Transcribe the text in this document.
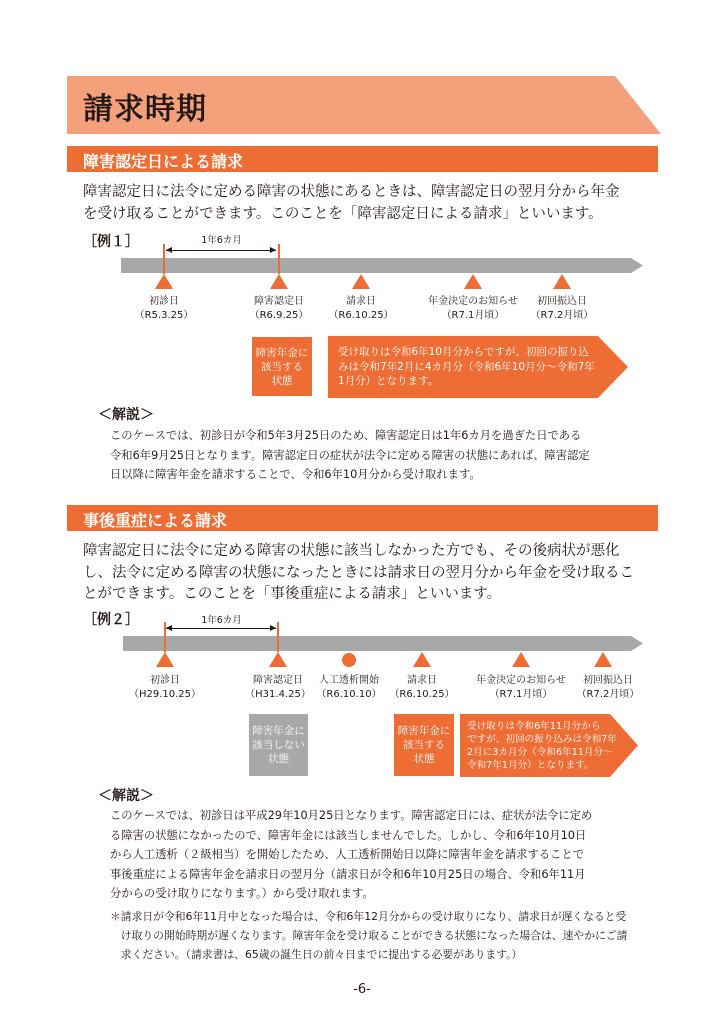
請求時期
障害認定日による請求
障害認定日に法令に定める障害の状態にあるときは、障害認定日の翌月分から年金
を受け取ることができます。このことを「障害認定日による請求」といいます。
［例１］	1年6カ月
初診日
（R5.3.25）
障害認定日
（R6.9.25）
請求日
（R6.10.25）
年金決定のお知らせ
（R7.1月頃）
初回振込日
（R7.2月頃）
障害年金に
該当する
状態
受け取りは令和6年10月分からですが、初回の振り込
みは令和7年2月に4カ月分（令和6年10月分～令和7年
1月分）となります。
＜解説＞
このケースでは、初診日が令和5年3月25日のため、障害認定日は1年6カ月を過ぎた日である
令和6年9月25日となります。障害認定日の症状が法令に定める障害の状態にあれば、障害認定
日以降に障害年金を請求することで、令和6年10月分から受け取れます。
事後重症による請求
障害認定日に法令に定める障害の状態に該当しなかった方でも、その後病状が悪化
し、法令に定める障害の状態になったときには請求日の翌月分から年金を受け取るこ
とができます。このことを「事後重症による請求」といいます。
［例２］	1年6カ月
初診日
（H29.10.25）
障害認定日
（H31.4.25）
人工透析開始
（R6.10.10）
請求日
（R6.10.25）
年金決定のお知らせ
（R7.1月頃）
初回振込日
（R7.2月頃）
障害年金に
該当しない
状態
障害年金に
該当する
状態
受け取りは令和6年11月分から
ですが、初回の振り込みは令和7年
2月に3カ月分（令和6年11月分～
令和7年1月分）となります。
＜解説＞
このケースでは、初診日は平成29年10月25日となります。障害認定日には、症状が法令に定め
る障害の状態になかったので、障害年金には該当しませんでした。しかし、令和6年10月10日
から人工透析（２級相当）を開始したため、人工透析開始日以降に障害年金を請求することで
事後重症による障害年金を請求日の翌月分（請求日が令和6年10月25日の場合、令和6年11月
分からの受け取りになります。）から受け取れます。
＊請求日が令和6年11月中となった場合は、令和6年12月分からの受け取りになり、請求日が遅くなると受
　け取りの開始時期が遅くなります。障害年金を受け取ることができる状態になった場合は、速やかにご請
　求ください。（請求書は、65歳の誕生日の前々日までに提出する必要があります。）
-6-
